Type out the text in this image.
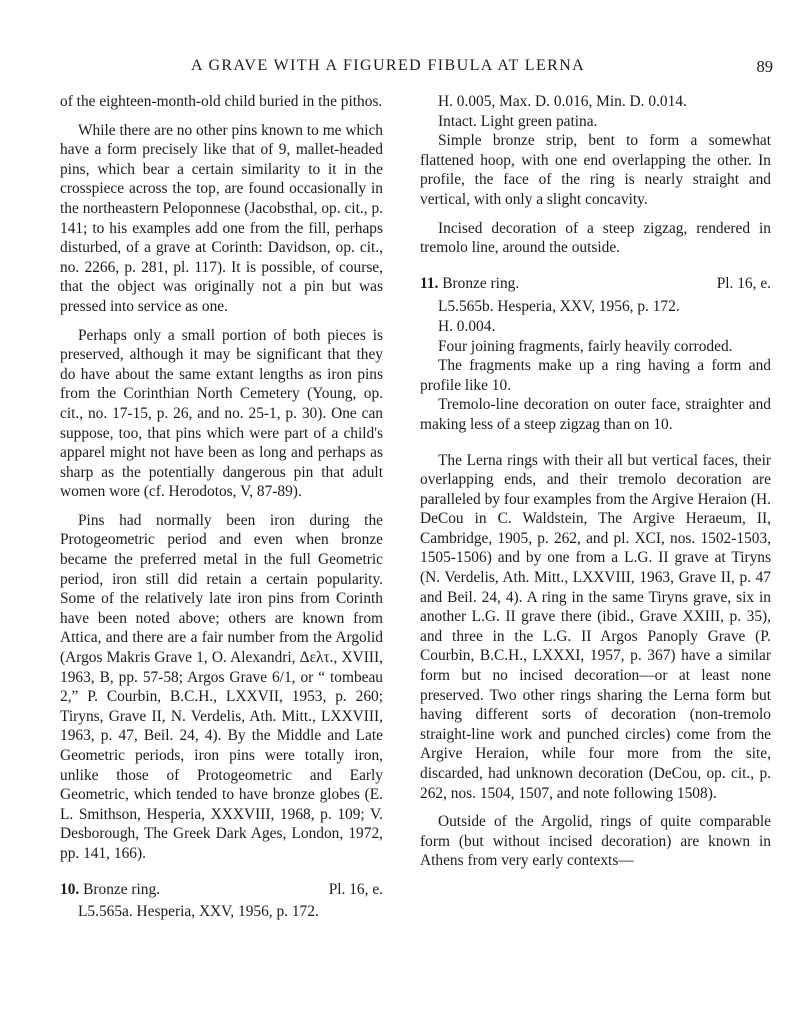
A GRAVE WITH A FIGURED FIBULA AT LERNA	89

of the eighteen-month-old child buried in the pithos.

While there are no other pins known to me which have a form precisely like that of 9, mallet-headed pins, which bear a certain similarity to it in the crosspiece across the top, are found occasionally in the northeastern Peloponnese (Jacobsthal, op. cit., p. 141; to his examples add one from the fill, perhaps disturbed, of a grave at Corinth: Davidson, op. cit., no. 2266, p. 281, pl. 117). It is possible, of course, that the object was originally not a pin but was pressed into service as one.

Perhaps only a small portion of both pieces is preserved, although it may be significant that they do have about the same extant lengths as iron pins from the Corinthian North Cemetery (Young, op. cit., no. 17-15, p. 26, and no. 25-1, p. 30). One can suppose, too, that pins which were part of a child's apparel might not have been as long and perhaps as sharp as the potentially dangerous pin that adult women wore (cf. Herodotos, V, 87-89).

Pins had normally been iron during the Protogeometric period and even when bronze became the preferred metal in the full Geometric period, iron still did retain a certain popularity. Some of the relatively late iron pins from Corinth have been noted above; others are known from Attica, and there are a fair number from the Argolid (Argos Makris Grave 1, O. Alexandri, Δελτ., XVIII, 1963, B, pp. 57-58; Argos Grave 6/1, or “ tombeau 2,” P. Courbin, B.C.H., LXXVII, 1953, p. 260; Tiryns, Grave II, N. Verdelis, Ath. Mitt., LXXVIII, 1963, p. 47, Beil. 24, 4). By the Middle and Late Geometric periods, iron pins were totally iron, unlike those of Protogeometric and Early Geometric, which tended to have bronze globes (E. L. Smithson, Hesperia, XXXVIII, 1968, p. 109; V. Desborough, The Greek Dark Ages, London, 1972, pp. 141, 166).

10. Bronze ring.	Pl. 16, e.

L5.565a. Hesperia, XXV, 1956, p. 172.

H. 0.005, Max. D. 0.016, Min. D. 0.014.

Intact. Light green patina.

Simple bronze strip, bent to form a somewhat flattened hoop, with one end overlapping the other. In profile, the face of the ring is nearly straight and vertical, with only a slight concavity.

Incised decoration of a steep zigzag, rendered in tremolo line, around the outside.

11. Bronze ring.	Pl. 16, e.

L5.565b. Hesperia, XXV, 1956, p. 172.

H. 0.004.

Four joining fragments, fairly heavily corroded.

The fragments make up a ring having a form and profile like 10.

Tremolo-line decoration on outer face, straighter and making less of a steep zigzag than on 10.

The Lerna rings with their all but vertical faces, their overlapping ends, and their tremolo decoration are paralleled by four examples from the Argive Heraion (H. DeCou in C. Waldstein, The Argive Heraeum, II, Cambridge, 1905, p. 262, and pl. XCI, nos. 1502-1503, 1505-1506) and by one from a L.G. II grave at Tiryns (N. Verdelis, Ath. Mitt., LXXVIII, 1963, Grave II, p. 47 and Beil. 24, 4). A ring in the same Tiryns grave, six in another L.G. II grave there (ibid., Grave XXIII, p. 35), and three in the L.G. II Argos Panoply Grave (P. Courbin, B.C.H., LXXXI, 1957, p. 367) have a similar form but no incised decoration—or at least none preserved. Two other rings sharing the Lerna form but having different sorts of decoration (non-tremolo straight-line work and punched circles) come from the Argive Heraion, while four more from the site, discarded, had unknown decoration (DeCou, op. cit., p. 262, nos. 1504, 1507, and note following 1508).

Outside of the Argolid, rings of quite comparable form (but without incised decoration) are known in Athens from very early contexts—
